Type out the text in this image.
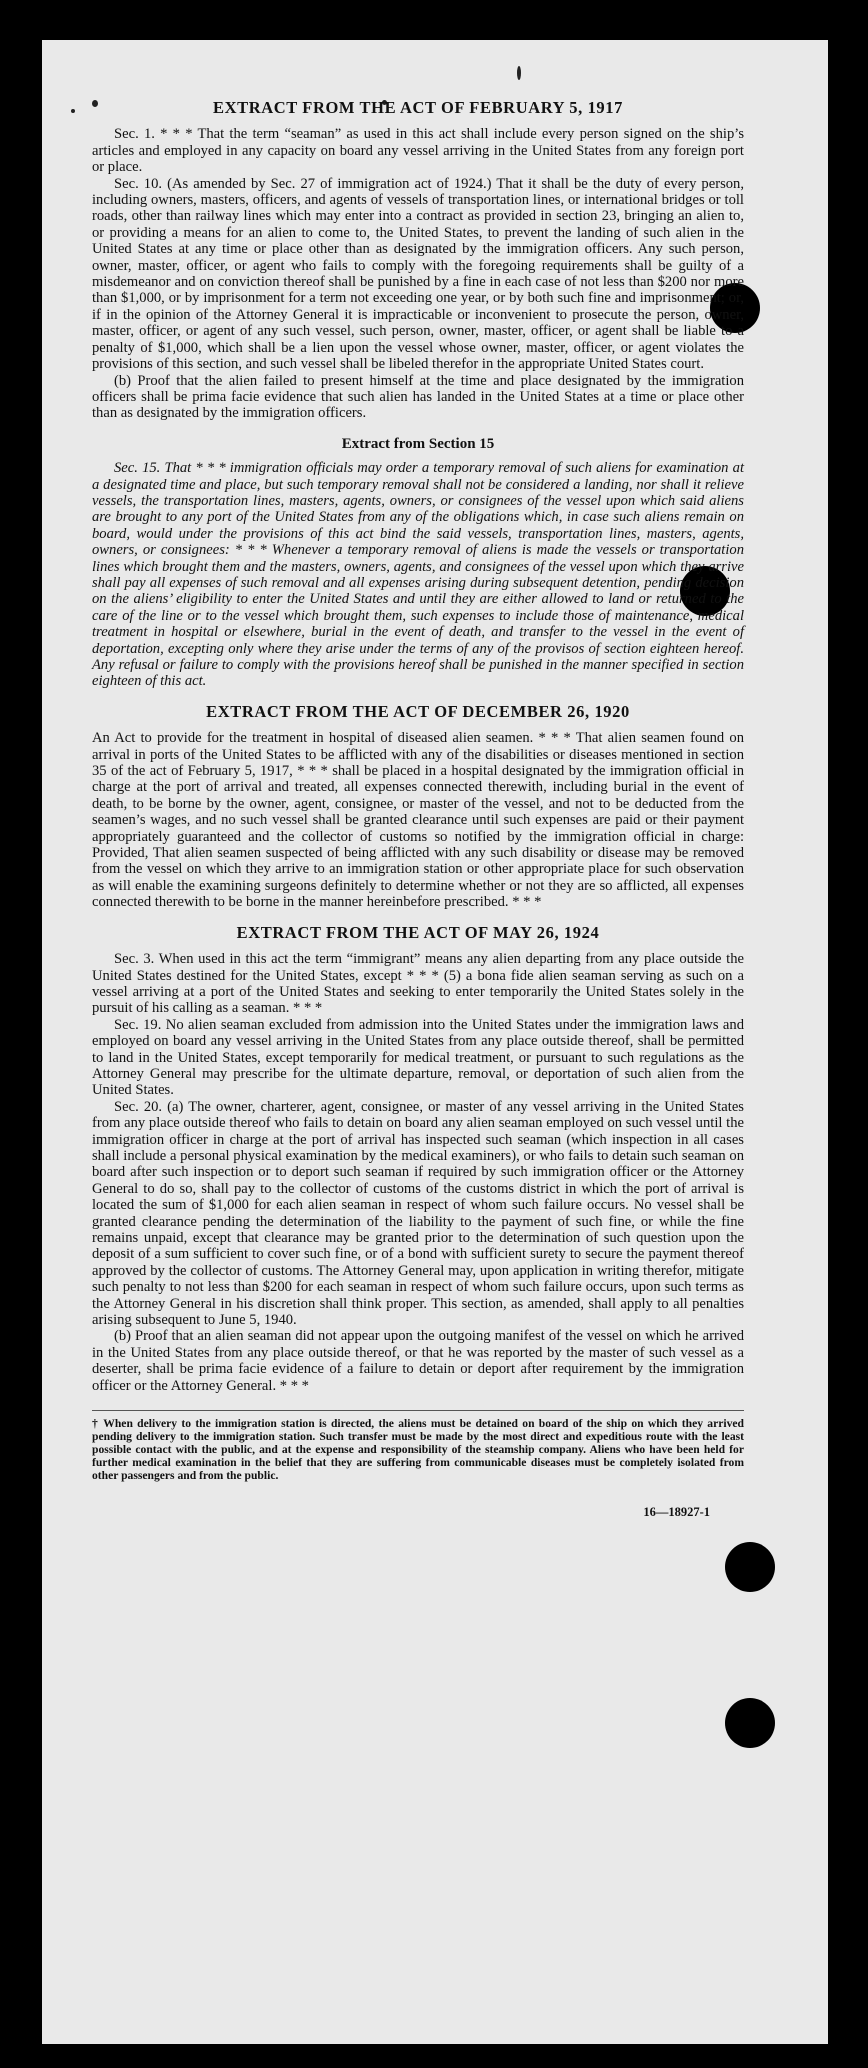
EXTRACT FROM THE ACT OF FEBRUARY 5, 1917

Sec. 1. * * * That the term “seaman” as used in this act shall include every person signed on the ship’s articles and employed in any capacity on board any vessel arriving in the United States from any foreign port or place.

Sec. 10. (As amended by Sec. 27 of immigration act of 1924.) That it shall be the duty of every person, including owners, masters, officers, and agents of vessels of transportation lines, or international bridges or toll roads, other than railway lines which may enter into a contract as provided in section 23, bringing an alien to, or providing a means for an alien to come to, the United States, to prevent the landing of such alien in the United States at any time or place other than as designated by the immigration officers. Any such person, owner, master, officer, or agent who fails to comply with the foregoing requirements shall be guilty of a misdemeanor and on conviction thereof shall be punished by a fine in each case of not less than $200 nor more than $1,000, or by imprisonment for a term not exceeding one year, or by both such fine and imprisonment; or, if in the opinion of the Attorney General it is impracticable or inconvenient to prosecute the person, owner, master, officer, or agent of any such vessel, such person, owner, master, officer, or agent shall be liable to a penalty of $1,000, which shall be a lien upon the vessel whose owner, master, officer, or agent violates the provisions of this section, and such vessel shall be libeled therefor in the appropriate United States court.

(b) Proof that the alien failed to present himself at the time and place designated by the immigration officers shall be prima facie evidence that such alien has landed in the United States at a time or place other than as designated by the immigration officers.

Extract from Section 15

Sec. 15. That * * * immigration officials may order a temporary removal of such aliens for examination at a designated time and place, but such temporary removal shall not be considered a landing, nor shall it relieve vessels, the transportation lines, masters, agents, owners, or consignees of the vessel upon which said aliens are brought to any port of the United States from any of the obligations which, in case such aliens remain on board, would under the provisions of this act bind the said vessels, transportation lines, masters, agents, owners, or consignees: * * * Whenever a temporary removal of aliens is made the vessels or transportation lines which brought them and the masters, owners, agents, and consignees of the vessel upon which they arrive shall pay all expenses of such removal and all expenses arising during subsequent detention, pending decision on the aliens’ eligibility to enter the United States and until they are either allowed to land or returned to the care of the line or to the vessel which brought them, such expenses to include those of maintenance, medical treatment in hospital or elsewhere, burial in the event of death, and transfer to the vessel in the event of deportation, excepting only where they arise under the terms of any of the provisos of section eighteen hereof. Any refusal or failure to comply with the provisions hereof shall be punished in the manner specified in section eighteen of this act.

EXTRACT FROM THE ACT OF DECEMBER 26, 1920

An Act to provide for the treatment in hospital of diseased alien seamen. * * * That alien seamen found on arrival in ports of the United States to be afflicted with any of the disabilities or diseases mentioned in section 35 of the act of February 5, 1917, * * * shall be placed in a hospital designated by the immigration official in charge at the port of arrival and treated, all expenses connected therewith, including burial in the event of death, to be borne by the owner, agent, consignee, or master of the vessel, and not to be deducted from the seamen’s wages, and no such vessel shall be granted clearance until such expenses are paid or their payment appropriately guaranteed and the collector of customs so notified by the immigration official in charge: Provided, That alien seamen suspected of being afflicted with any such disability or disease may be removed from the vessel on which they arrive to an immigration station or other appropriate place for such observation as will enable the examining surgeons definitely to determine whether or not they are so afflicted, all expenses connected therewith to be borne in the manner hereinbefore prescribed. * * *

EXTRACT FROM THE ACT OF MAY 26, 1924

Sec. 3. When used in this act the term “immigrant” means any alien departing from any place outside the United States destined for the United States, except * * * (5) a bona fide alien seaman serving as such on a vessel arriving at a port of the United States and seeking to enter temporarily the United States solely in the pursuit of his calling as a seaman. * * *

Sec. 19. No alien seaman excluded from admission into the United States under the immigration laws and employed on board any vessel arriving in the United States from any place outside thereof, shall be permitted to land in the United States, except temporarily for medical treatment, or pursuant to such regulations as the Attorney General may prescribe for the ultimate departure, removal, or deportation of such alien from the United States.

Sec. 20. (a) The owner, charterer, agent, consignee, or master of any vessel arriving in the United States from any place outside thereof who fails to detain on board any alien seaman employed on such vessel until the immigration officer in charge at the port of arrival has inspected such seaman (which inspection in all cases shall include a personal physical examination by the medical examiners), or who fails to detain such seaman on board after such inspection or to deport such seaman if required by such immigration officer or the Attorney General to do so, shall pay to the collector of customs of the customs district in which the port of arrival is located the sum of $1,000 for each alien seaman in respect of whom such failure occurs. No vessel shall be granted clearance pending the determination of the liability to the payment of such fine, or while the fine remains unpaid, except that clearance may be granted prior to the determination of such question upon the deposit of a sum sufficient to cover such fine, or of a bond with sufficient surety to secure the payment thereof approved by the collector of customs. The Attorney General may, upon application in writing therefor, mitigate such penalty to not less than $200 for each seaman in respect of whom such failure occurs, upon such terms as the Attorney General in his discretion shall think proper. This section, as amended, shall apply to all penalties arising subsequent to June 5, 1940.

(b) Proof that an alien seaman did not appear upon the outgoing manifest of the vessel on which he arrived in the United States from any place outside thereof, or that he was reported by the master of such vessel as a deserter, shall be prima facie evidence of a failure to detain or deport after requirement by the immigration officer or the Attorney General. * * *

† When delivery to the immigration station is directed, the aliens must be detained on board of the ship on which they arrived pending delivery to the immigration station. Such transfer must be made by the most direct and expeditious route with the least possible contact with the public, and at the expense and responsibility of the steamship company. Aliens who have been held for further medical examination in the belief that they are suffering from communicable diseases must be completely isolated from other passengers and from the public.
16—18927-1
